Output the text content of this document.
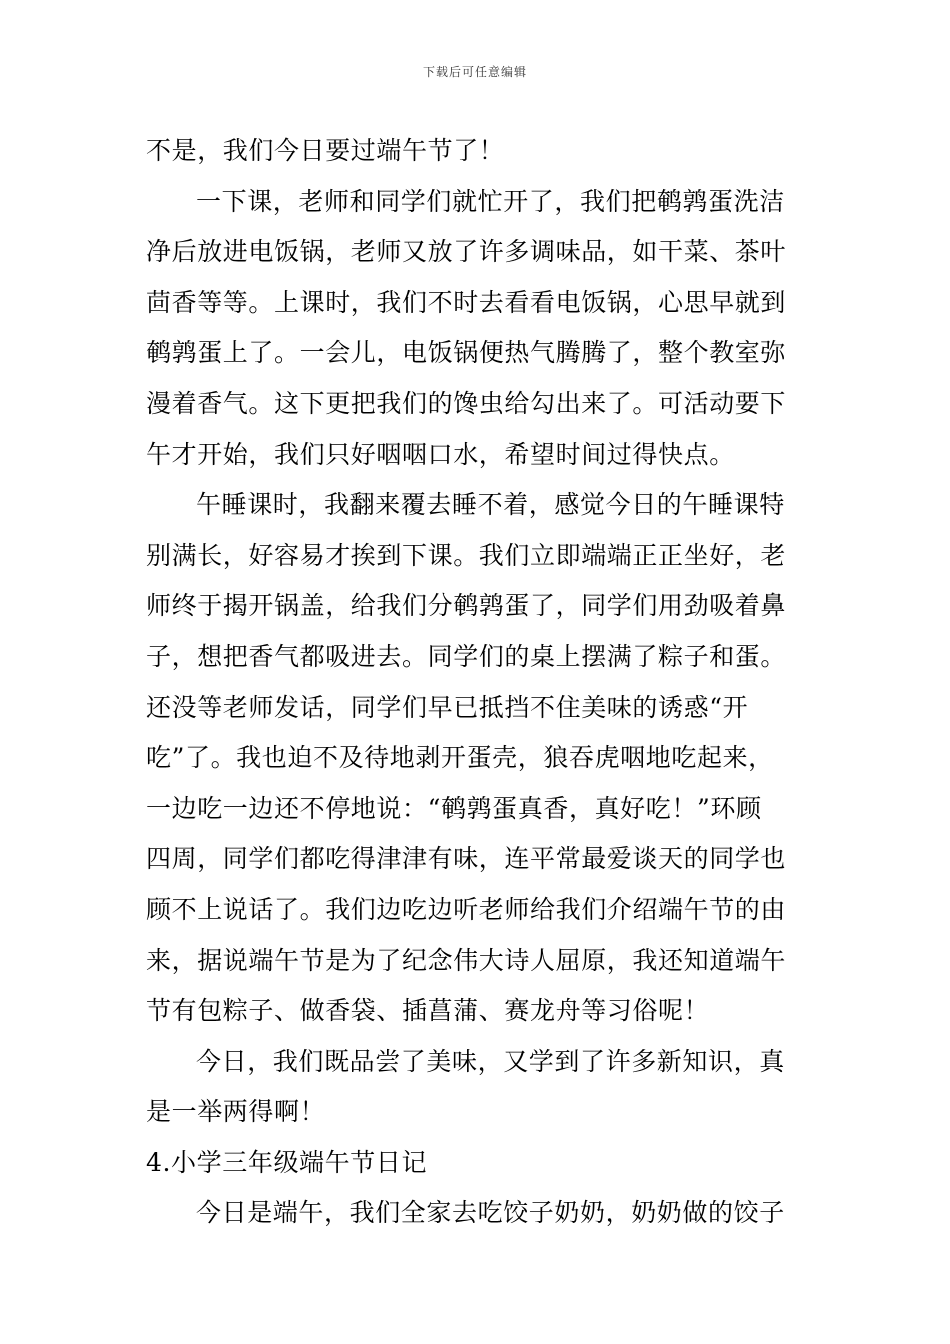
下载后可任意编辑
不是，我们今日要过端午节了！
一下课，老师和同学们就忙开了，我们把鹌鹑蛋洗洁
净后放进电饭锅，老师又放了许多调味品，如干菜、茶叶
茴香等等。上课时，我们不时去看看电饭锅，心思早就到
鹌鹑蛋上了。一会儿，电饭锅便热气腾腾了，整个教室弥
漫着香气。这下更把我们的馋虫给勾出来了。可活动要下
午才开始，我们只好咽咽口水，希望时间过得快点。
午睡课时，我翻来覆去睡不着，感觉今日的午睡课特
别满长，好容易才挨到下课。我们立即端端正正坐好，老
师终于揭开锅盖，给我们分鹌鹑蛋了，同学们用劲吸着鼻
子，想把香气都吸进去。同学们的桌上摆满了粽子和蛋。
还没等老师发话，同学们早已抵挡不住美味的诱惑“开
吃”了。我也迫不及待地剥开蛋壳，狼吞虎咽地吃起来，
一边吃一边还不停地说：“鹌鹑蛋真香，真好吃！”环顾
四周，同学们都吃得津津有味，连平常最爱谈天的同学也
顾不上说话了。我们边吃边听老师给我们介绍端午节的由
来，据说端午节是为了纪念伟大诗人屈原，我还知道端午
节有包粽子、做香袋、插菖蒲、赛龙舟等习俗呢！
今日，我们既品尝了美味，又学到了许多新知识，真
是一举两得啊！
4.小学三年级端午节日记
今日是端午，我们全家去吃饺子奶奶，奶奶做的饺子
